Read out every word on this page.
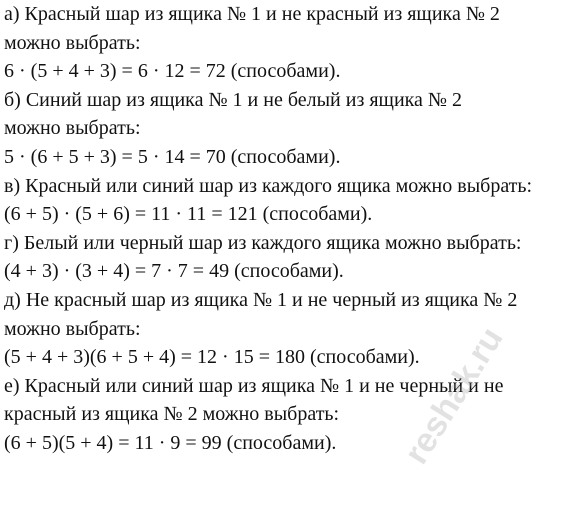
а) Красный шар из ящика № 1 и не красный из ящика № 2
можно выбрать:
6 · (5 + 4 + 3) = 6 · 12 = 72 (способами).
б) Синий шар из ящика № 1 и не белый из ящика № 2
можно выбрать:
5 · (6 + 5 + 3) = 5 · 14 = 70 (способами).
в) Красный или синий шар из каждого ящика можно выбрать:
(6 + 5) · (5 + 6) = 11 · 11 = 121 (способами).
г) Белый или черный шар из каждого ящика можно выбрать:
(4 + 3) · (3 + 4) = 7 · 7 = 49 (способами).
д) Не красный шар из ящика № 1 и не черный из ящика № 2
можно выбрать:
(5 + 4 + 3)(6 + 5 + 4) = 12 · 15 = 180 (способами).
е) Красный или синий шар из ящика № 1 и не черный и не
красный из ящика № 2 можно выбрать:
(6 + 5)(5 + 4) = 11 · 9 = 99 (способами).	reshak.ru
